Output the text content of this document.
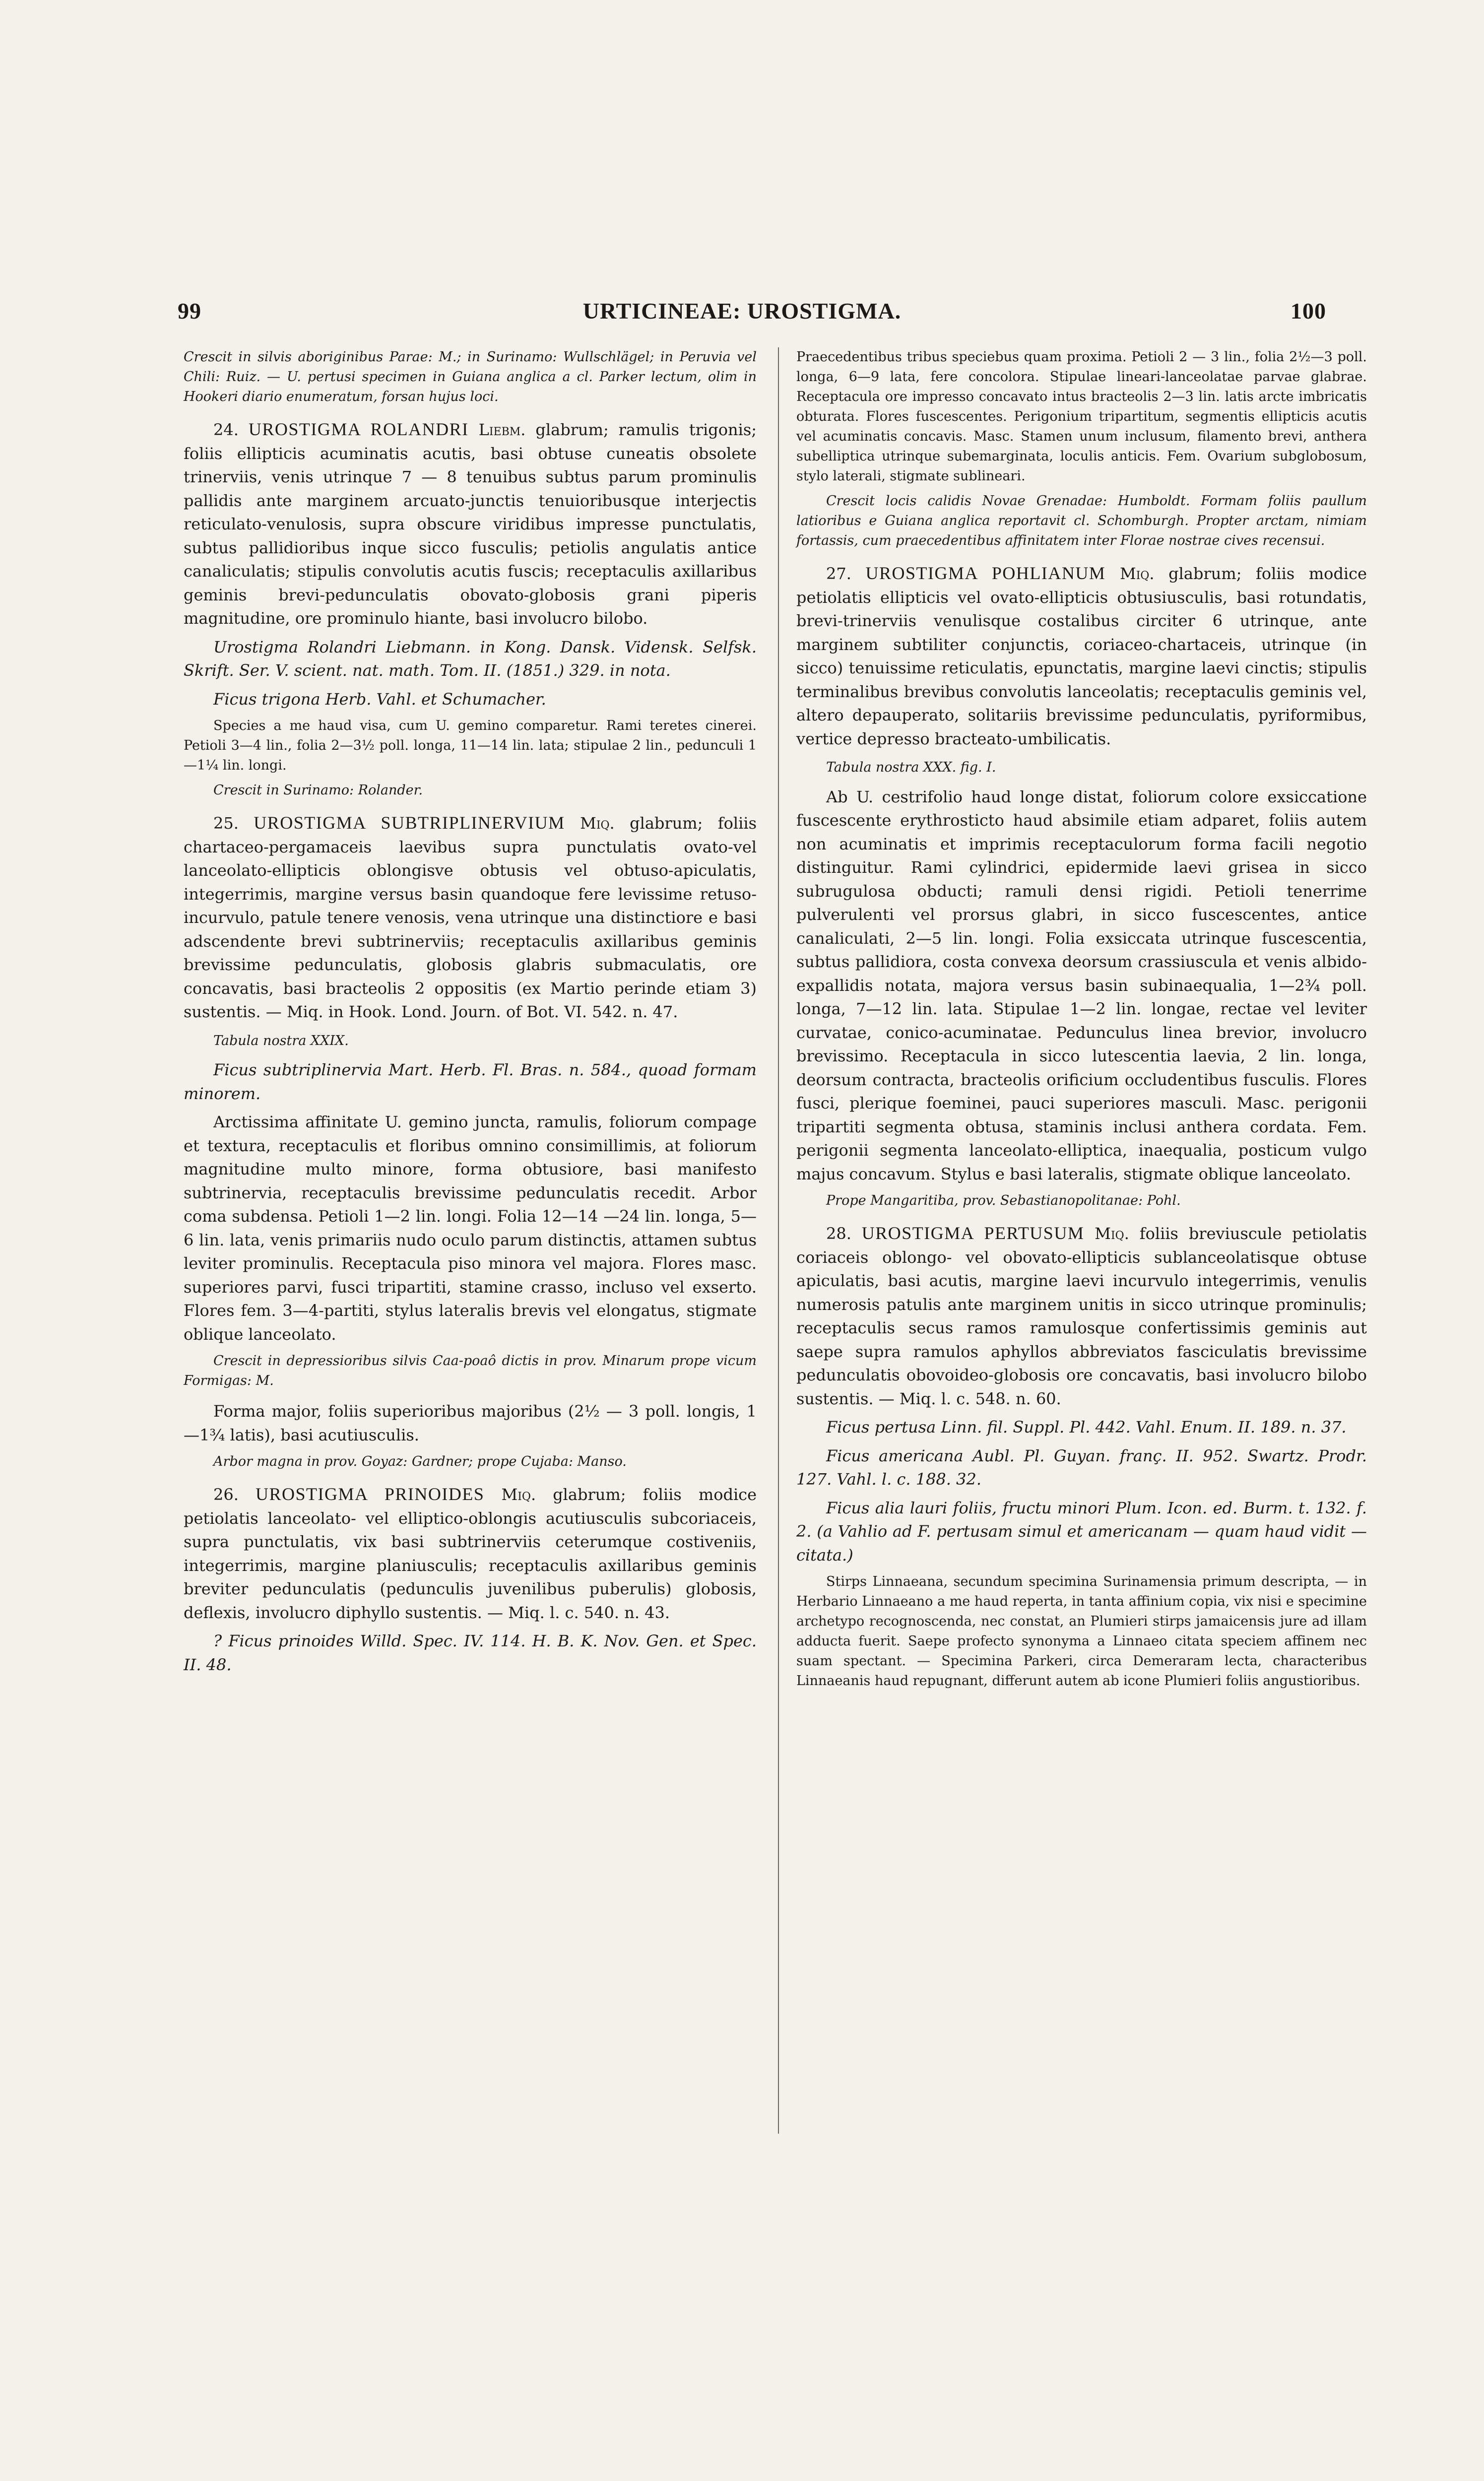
99	URTICINEAE: UROSTIGMA.	100

Crescit in silvis aboriginibus Parae: M.; in Surinamo: Wullschlägel; in Peruvia vel Chili: Ruiz. — U. pertusi specimen in Guiana anglica a cl. Parker lectum, olim in Hookeri diario enumeratum, forsan hujus loci.

24. UROSTIGMA ROLANDRI Liebm. glabrum; ramulis trigonis; foliis ellipticis acuminatis acutis, basi obtuse cuneatis obsolete trinerviis, venis utrinque 7 — 8 tenuibus subtus parum prominulis pallidis ante marginem arcuato-junctis tenuioribusque interjectis reticulato-venulosis, supra obscure viridibus impresse punctulatis, subtus pallidioribus inque sicco fusculis; petiolis angulatis antice canaliculatis; stipulis convolutis acutis fuscis; receptaculis axillaribus geminis brevi-pedunculatis obovato-globosis grani piperis magnitudine, ore prominulo hiante, basi involucro bilobo.

Urostigma Rolandri Liebmann. in Kong. Dansk. Vidensk. Selfsk. Skrift. Ser. V. scient. nat. math. Tom. II. (1851.) 329. in nota.

Ficus trigona Herb. Vahl. et Schumacher.

Species a me haud visa, cum U. gemino comparetur. Rami teretes cinerei. Petioli 3—4 lin., folia 2—3½ poll. longa, 11—14 lin. lata; stipulae 2 lin., pedunculi 1—1¼ lin. longi.

Crescit in Surinamo: Rolander.

25. UROSTIGMA SUBTRIPLINERVIUM Miq. glabrum; foliis chartaceo-pergamaceis laevibus supra punctulatis ovato-vel lanceolato-ellipticis oblongisve obtusis vel obtuso-apiculatis, integerrimis, margine versus basin quandoque fere levissime retuso-incurvulo, patule tenere venosis, vena utrinque una distinctiore e basi adscendente brevi subtrinerviis; receptaculis axillaribus geminis brevissime pedunculatis, globosis glabris submaculatis, ore concavatis, basi bracteolis 2 oppositis (ex Martio perinde etiam 3) sustentis. — Miq. in Hook. Lond. Journ. of Bot. VI. 542. n. 47.

Tabula nostra XXIX.

Ficus subtriplinervia Mart. Herb. Fl. Bras. n. 584., quoad formam minorem.

Arctissima affinitate U. gemino juncta, ramulis, foliorum compage et textura, receptaculis et floribus omnino consimillimis, at foliorum magnitudine multo minore, forma obtusiore, basi manifesto subtrinervia, receptaculis brevissime pedunculatis recedit. Arbor coma subdensa. Petioli 1—2 lin. longi. Folia 12—14 —24 lin. longa, 5—6 lin. lata, venis primariis nudo oculo parum distinctis, attamen subtus leviter prominulis. Receptacula piso minora vel majora. Flores masc. superiores parvi, fusci tripartiti, stamine crasso, incluso vel exserto. Flores fem. 3—4-partiti, stylus lateralis brevis vel elongatus, stigmate oblique lanceolato.

Crescit in depressioribus silvis Caa-poaô dictis in prov. Minarum prope vicum Formigas: M.

Forma major, foliis superioribus majoribus (2½ — 3 poll. longis, 1—1¾ latis), basi acutiusculis.

Arbor magna in prov. Goyaz: Gardner; prope Cujaba: Manso.

26. UROSTIGMA PRINOIDES Miq. glabrum; foliis modice petiolatis lanceolato- vel elliptico-oblongis acutiusculis subcoriaceis, supra punctulatis, vix basi subtrinerviis ceterumque costiveniis, integerrimis, margine planiusculis; receptaculis axillaribus geminis breviter pedunculatis (pedunculis juvenilibus puberulis) globosis, deflexis, involucro diphyllo sustentis. — Miq. l. c. 540. n. 43.

? Ficus prinoides Willd. Spec. IV. 114. H. B. K. Nov. Gen. et Spec. II. 48.

Praecedentibus tribus speciebus quam proxima. Petioli 2 — 3 lin., folia 2½—3 poll. longa, 6—9 lata, fere concolora. Stipulae lineari-lanceolatae parvae glabrae. Receptacula ore impresso concavato intus bracteolis 2—3 lin. latis arcte imbricatis obturata. Flores fuscescentes. Perigonium tripartitum, segmentis ellipticis acutis vel acuminatis concavis. Masc. Stamen unum inclusum, filamento brevi, anthera subelliptica utrinque subemarginata, loculis anticis. Fem. Ovarium subglobosum, stylo laterali, stigmate sublineari.

Crescit locis calidis Novae Grenadae: Humboldt. Formam foliis paullum latioribus e Guiana anglica reportavit cl. Schomburgh. Propter arctam, nimiam fortassis, cum praecedentibus affinitatem inter Florae nostrae cives recensui.

27. UROSTIGMA POHLIANUM Miq. glabrum; foliis modice petiolatis ellipticis vel ovato-ellipticis obtusiusculis, basi rotundatis, brevi-trinerviis venulisque costalibus circiter 6 utrinque, ante marginem subtiliter conjunctis, coriaceo-chartaceis, utrinque (in sicco) tenuissime reticulatis, epunctatis, margine laevi cinctis; stipulis terminalibus brevibus convolutis lanceolatis; receptaculis geminis vel, altero depauperato, solitariis brevissime pedunculatis, pyriformibus, vertice depresso bracteato-umbilicatis.

Tabula nostra XXX. fig. I.

Ab U. cestrifolio haud longe distat, foliorum colore exsiccatione fuscescente erythrosticto haud absimile etiam adparet, foliis autem non acuminatis et imprimis receptaculorum forma facili negotio distinguitur. Rami cylindrici, epidermide laevi grisea in sicco subrugulosa obducti; ramuli densi rigidi. Petioli tenerrime pulverulenti vel prorsus glabri, in sicco fuscescentes, antice canaliculati, 2—5 lin. longi. Folia exsiccata utrinque fuscescentia, subtus pallidiora, costa convexa deorsum crassiuscula et venis albido-expallidis notata, majora versus basin subinaequalia, 1—2¾ poll. longa, 7—12 lin. lata. Stipulae 1—2 lin. longae, rectae vel leviter curvatae, conico-acuminatae. Pedunculus linea brevior, involucro brevissimo. Receptacula in sicco lutescentia laevia, 2 lin. longa, deorsum contracta, bracteolis orificium occludentibus fusculis. Flores fusci, plerique foeminei, pauci superiores masculi. Masc. perigonii tripartiti segmenta obtusa, staminis inclusi anthera cordata. Fem. perigonii segmenta lanceolato-elliptica, inaequalia, posticum vulgo majus concavum. Stylus e basi lateralis, stigmate oblique lanceolato.

Prope Mangaritiba, prov. Sebastianopolitanae: Pohl.

28. UROSTIGMA PERTUSUM Miq. foliis breviuscule petiolatis coriaceis oblongo- vel obovato-ellipticis sublanceolatisque obtuse apiculatis, basi acutis, margine laevi incurvulo integerrimis, venulis numerosis patulis ante marginem unitis in sicco utrinque prominulis; receptaculis secus ramos ramulosque confertissimis geminis aut saepe supra ramulos aphyllos abbreviatos fasciculatis brevissime pedunculatis obovoideo-globosis ore concavatis, basi involucro bilobo sustentis. — Miq. l. c. 548. n. 60.

Ficus pertusa Linn. fil. Suppl. Pl. 442. Vahl. Enum. II. 189. n. 37.

Ficus americana Aubl. Pl. Guyan. franç. II. 952. Swartz. Prodr. 127. Vahl. l. c. 188. 32.

Ficus alia lauri foliis, fructu minori Plum. Icon. ed. Burm. t. 132. f. 2. (a Vahlio ad F. pertusam simul et americanam — quam haud vidit — citata.)

Stirps Linnaeana, secundum specimina Surinamensia primum descripta, — in Herbario Linnaeano a me haud reperta, in tanta affinium copia, vix nisi e specimine archetypo recognoscenda, nec constat, an Plumieri stirps jamaicensis jure ad illam adducta fuerit. Saepe profecto synonyma a Linnaeo citata speciem affinem nec suam spectant. — Specimina Parkeri, circa Demeraram lecta, characteribus Linnaeanis haud repugnant, differunt autem ab icone Plumieri foliis angustioribus.
